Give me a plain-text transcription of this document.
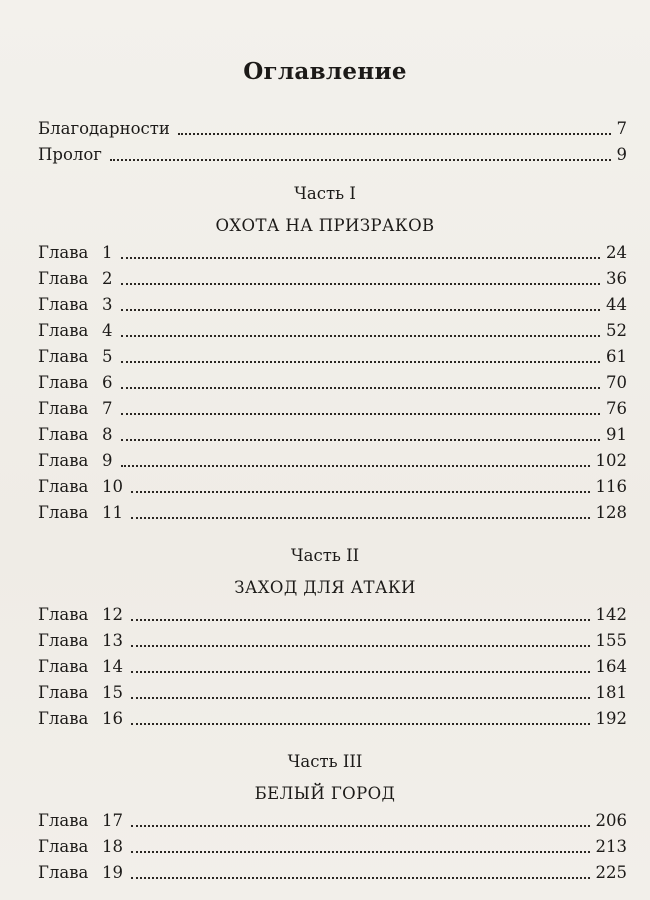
Оглавление
Благодарности	7
Пролог	9
Часть I
ОХОТА НА ПРИЗРАКОВ
Глава 1	24
Глава 2	36
Глава 3	44
Глава 4	52
Глава 5	61
Глава 6	70
Глава 7	76
Глава 8	91
Глава 9	102
Глава 10	116
Глава 11	128
Часть II
ЗАХОД ДЛЯ АТАКИ
Глава 12	142
Глава 13	155
Глава 14	164
Глава 15	181
Глава 16	192
Часть III
БЕЛЫЙ ГОРОД
Глава 17	206
Глава 18	213
Глава 19	225
